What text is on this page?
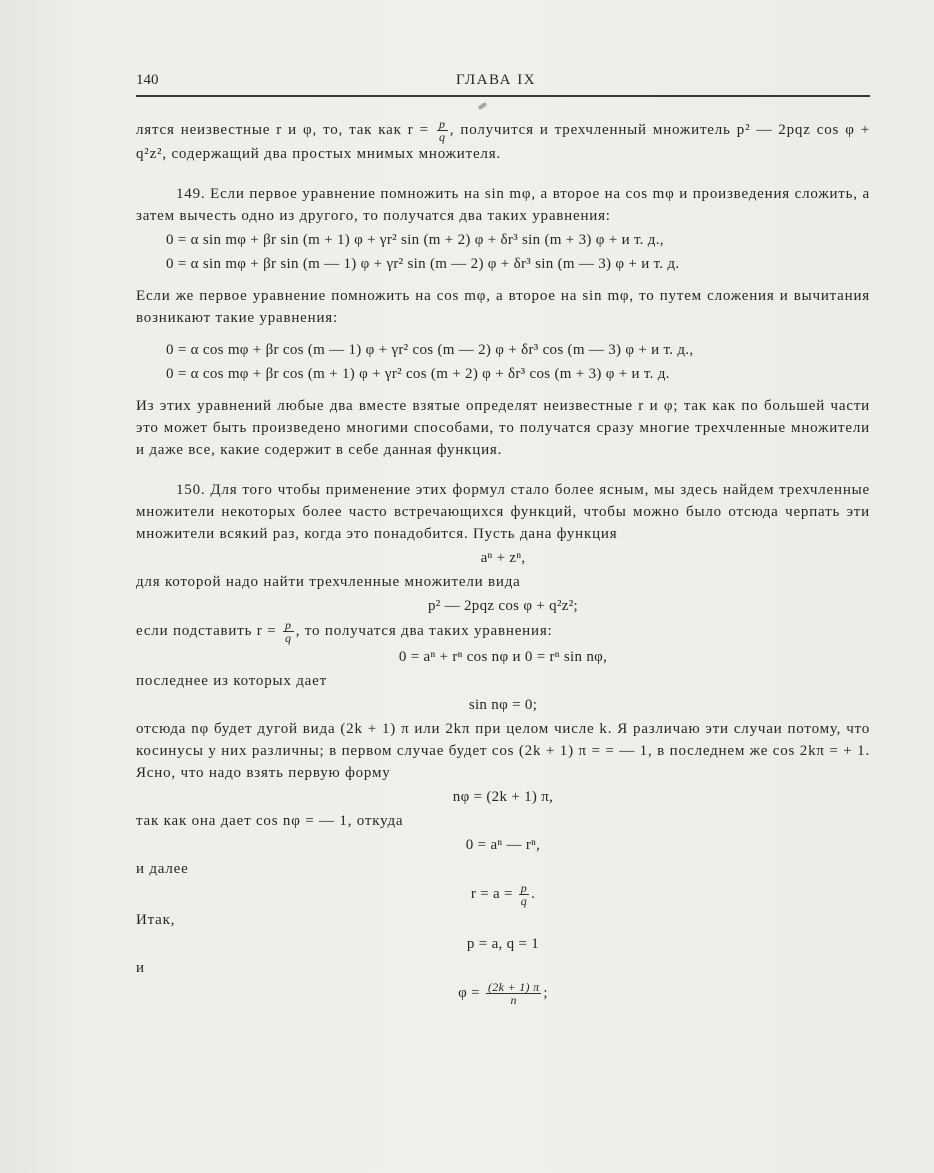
140	ГЛАВА IX

лятся неизвестные r и φ, то, так как $r = \frac{p}{q}$ , получится и трехчленный множитель p² — 2pqz cos φ + q²z², содержащий два простых мнимых множителя.

149. Если первое уравнение помножить на sin mφ, а второе на cos mφ и произведения сложить, а затем вычесть одно из другого, то получатся два таких уравнения:

0 = α sin mφ + βr sin (m + 1) φ + γr² sin (m + 2) φ + δr³ sin (m + 3) φ + и т. д.,
0 = α sin mφ + βr sin (m — 1) φ + γr² sin (m — 2) φ + δr³ sin (m — 3) φ + и т. д.

Если же первое уравнение помножить на cos mφ, а второе на sin mφ, то путем сложения и вычитания возникают такие уравнения:

0 = α cos mφ + βr cos (m — 1) φ + γr² cos (m — 2) φ + δr³ cos (m — 3) φ + и т. д.,
0 = α cos mφ + βr cos (m + 1) φ + γr² cos (m + 2) φ + δr³ cos (m + 3) φ + и т. д.

Из этих уравнений любые два вместе взятые определят неизвестные r и φ; так как по большей части это может быть произведено многими способами, то получатся сразу многие трехчленные множители и даже все, какие содержит в себе данная функция.

150. Для того чтобы применение этих формул стало более ясным, мы здесь найдем трехчленные множители некоторых более часто встречающихся функций, чтобы можно было отсюда черпать эти множители всякий раз, когда это понадобится. Пусть дана функция

aⁿ + zⁿ,

для которой надо найти трехчленные множители вида

p² — 2pqz cos φ + q²z²;

если подставить $r = \frac{p}{q}$ , то получатся два таких уравнения:

0 = aⁿ + rⁿ cos nφ и 0 = rⁿ sin nφ,

последнее из которых дает

sin nφ = 0;

отсюда nφ будет дугой вида (2k + 1) π или 2kπ при целом числе k. Я различаю эти случаи потому, что косинусы у них различны; в первом случае будет cos (2k + 1) π = = — 1, в последнем же cos 2kπ = + 1. Ясно, что надо взять первую форму

nφ = (2k + 1) π,

так как она дает cos nφ = — 1, откуда

0 = aⁿ — rⁿ,

и далее

$r = a = \frac{p}{q}$ .

Итак,

p = a, q = 1

и

$\varphi = \frac{(2k + 1) \pi}{n}$ ;
